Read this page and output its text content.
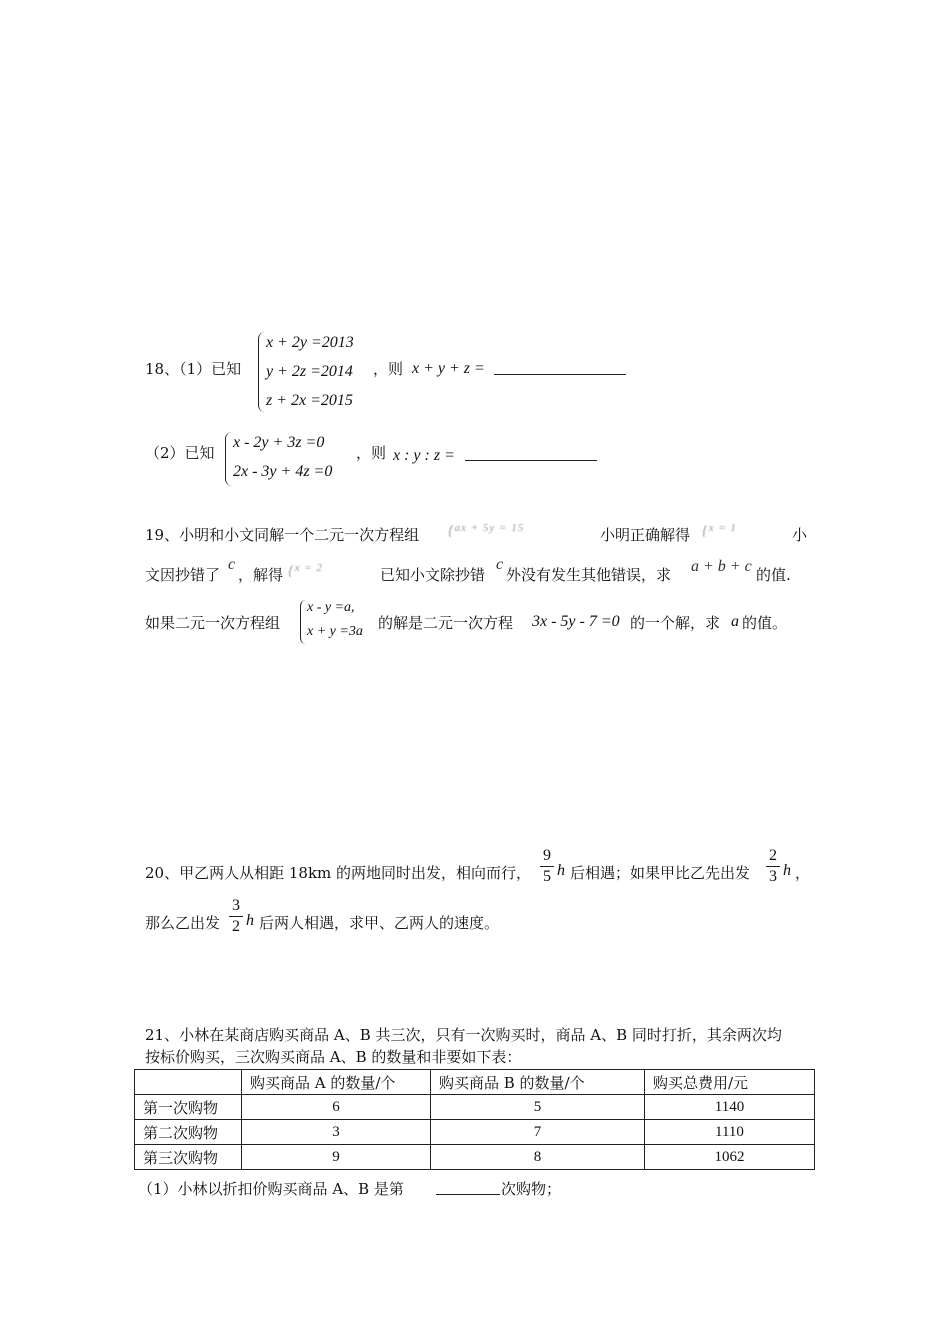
18、（1）已知
x + 2y =2013
y + 2z =2014
z + 2x =2015
，则 x + y + z =
（2）已知
x - 2y + 3z =0
2x - 3y + 4z =0
，则 x : y : z =
19、小明和小文同解一个二元一次方程组 {$^{ax + 5y = 15}$	小明正确解得 {$^{x = 1}$	小
文因抄错了
c
，解得 {$^{x = 2}$	已知小文除抄错
c
外没有发生其他错误，求 a + b + c 的值.
如果二元一次方程组
x - y =a,
x + y =3a 的解是二元一次方程 3x - 5y - 7 =0 的一个解，求 a 的值。
20、甲乙两人从相距 18km 的两地同时出发，相向而行，
9
5 h 后相遇；如果甲比乙先出发
2
3 h ，
那么乙出发
3
2 h 后两人相遇，求甲、乙两人的速度。
21、小林在某商店购买商品 A、B 共三次，只有一次购买时，商品 A、B 同时打折，其余两次均
按标价购买，三次购买商品 A、B 的数量和非要如下表：
	购买商品 A 的数量/个	购买商品 B 的数量/个	购买总费用/元
第一次购物	6	5	1140
第二次购物	3	7	1110
第三次购物	9	8	1062
（1）小林以折扣价购买商品 A、B 是第	次购物；
